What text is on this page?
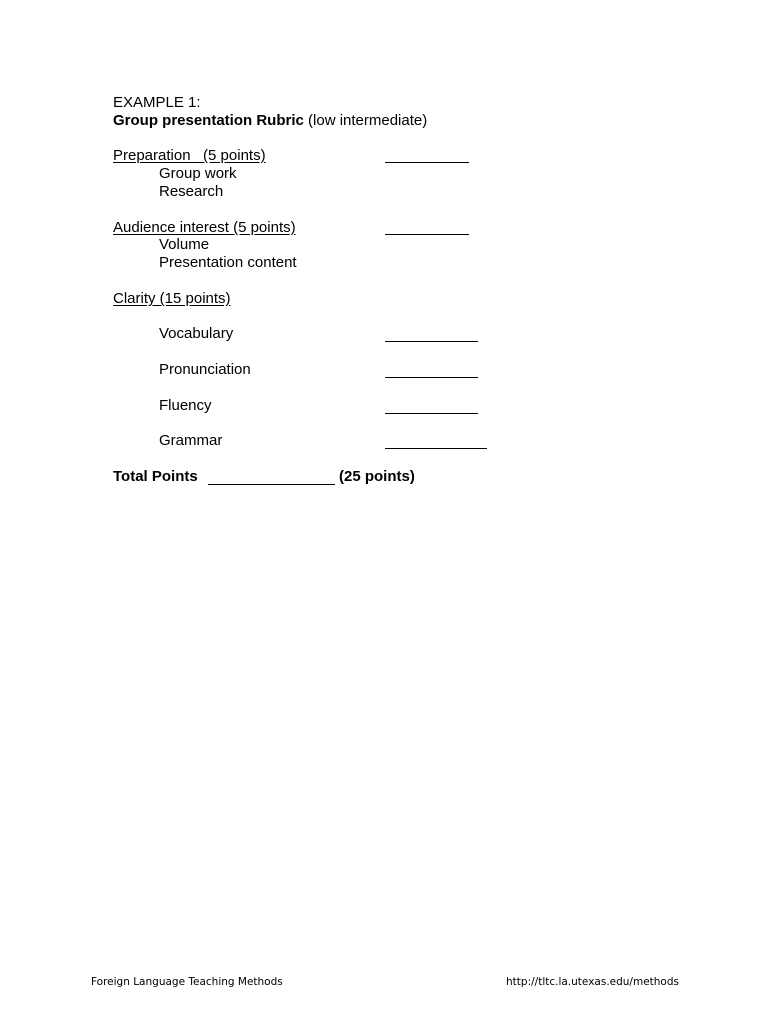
EXAMPLE 1:
Group presentation Rubric (low intermediate)
Preparation   (5 points)
Group work
Research
Audience interest (5 points)
Volume
Presentation content
Clarity (15 points)
Vocabulary
Pronunciation
Fluency
Grammar
Total Points	(25 points)
Foreign Language Teaching Methods	http://tltc.la.utexas.edu/methods
